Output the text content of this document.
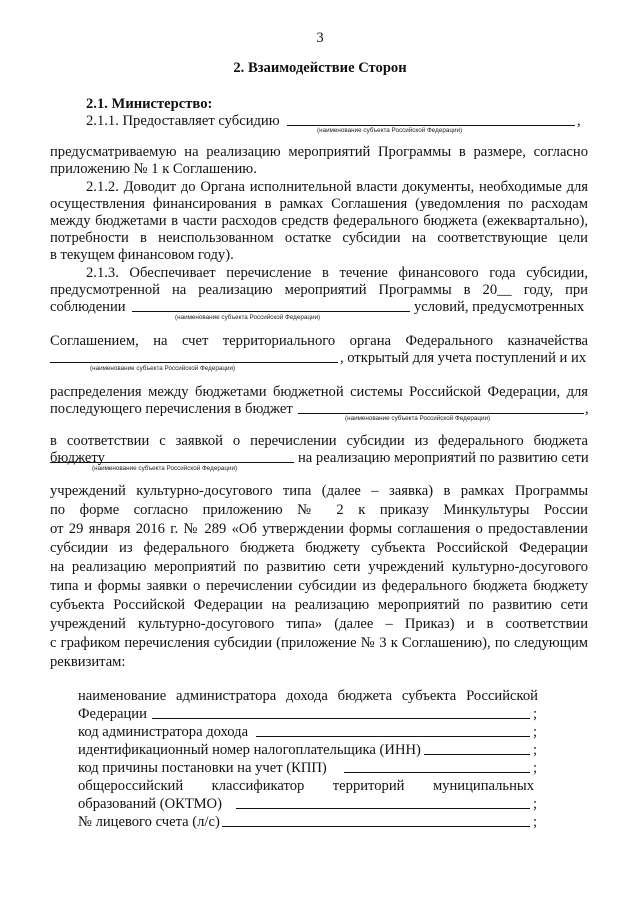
3
2. Взаимодействие Сторон
2.1. Министерство:
2.1.1. Предоставляет субсидию	,
(наименование субъекта Российской Федерации)
предусматриваемую на реализацию мероприятий Программы в размере, согласно
приложению № 1 к Соглашению.
2.1.2. Доводит до Органа исполнительной власти документы, необходимые для
осуществления финансирования в рамках Соглашения (уведомления по расходам
между бюджетами в части расходов средств федерального бюджета (ежеквартально),
потребности в неиспользованном остатке субсидии на соответствующие цели
в текущем финансовом году).
2.1.3. Обеспечивает перечисление в течение финансового года субсидии,
предусмотренной на реализацию мероприятий Программы в 20__ году, при
соблюдении	условий, предусмотренных
(наименование субъекта Российской Федерации)
Соглашением, на счет территориального органа Федерального казначейства
, открытый для учета поступлений и их
(наименование субъекта Российской Федерации)
распределения между бюджетами бюджетной системы Российской Федерации, для
последующего перечисления в бюджет	,
(наименование субъекта Российской Федерации)
в соответствии с заявкой о перечислении субсидии из федерального бюджета бюджету	на реализацию мероприятий по развитию сети
(наименование субъекта Российской Федерации)
учреждений культурно-досугового типа (далее – заявка) в рамках Программы
по форме согласно приложению № 2 к приказу Минкультуры России
от 29 января 2016 г. № 289 «Об утверждении формы соглашения о предоставлении
субсидии из федерального бюджета бюджету субъекта Российской Федерации
на реализацию мероприятий по развитию сети учреждений культурно-досугового
типа и формы заявки о перечислении субсидии из федерального бюджета бюджету
субъекта Российской Федерации на реализацию мероприятий по развитию сети
учреждений культурно-досугового типа» (далее – Приказ) и в соответствии
с графиком перечисления субсидии (приложение № 3 к Соглашению), по следующим
реквизитам:
наименование администратора дохода бюджета субъекта Российской
Федерации	;
код администратора дохода	;
идентификационный номер налогоплательщика (ИНН)	;
код причины постановки на учет (КПП)	;
общероссийский классификатор территорий муниципальных
образований (ОКТМО)	;
№ лицевого счета (л/с)	;
